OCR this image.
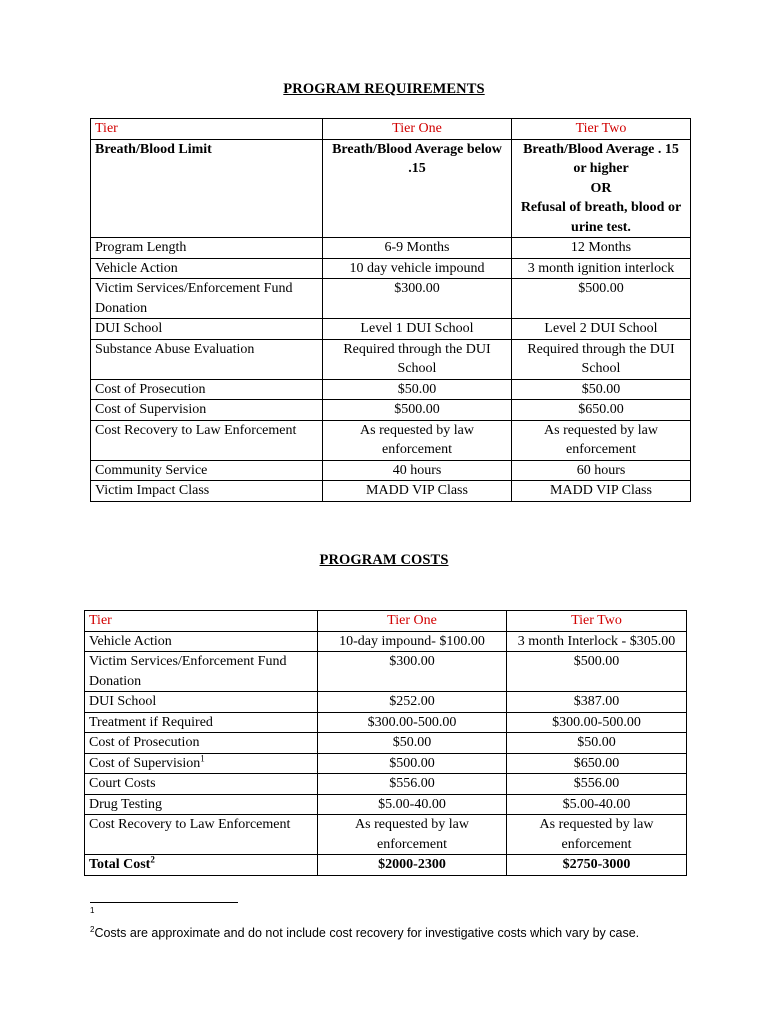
PROGRAM REQUIREMENTS
Tier	Tier One	Tier Two
Breath/Blood Limit	Breath/Blood Average below .15	Breath/Blood Average . 15 or higher
OR
Refusal of breath, blood or urine test.

Program Length	6-9 Months	12 Months
Vehicle Action	10 day vehicle impound	3 month ignition interlock
Victim Services/Enforcement Fund Donation	$300.00	$500.00
DUI School	Level 1 DUI School	Level 2 DUI School
Substance Abuse Evaluation	Required through the DUI School	Required through the DUI School
Cost of Prosecution	$50.00	$50.00
Cost of Supervision	$500.00	$650.00
Cost Recovery to Law Enforcement	As requested by law enforcement	As requested by law enforcement
Community Service	40 hours	60 hours
Victim Impact Class	MADD VIP Class	MADD VIP Class
PROGRAM COSTS
Tier	Tier One	Tier Two
Vehicle Action	10-day impound- $100.00	3 month Interlock - $305.00
Victim Services/Enforcement Fund Donation	$300.00	$500.00
DUI School	$252.00	$387.00
Treatment if Required	$300.00-500.00	$300.00-500.00
Cost of Prosecution	$50.00	$50.00
Cost of Supervision$^1$	$500.00	$650.00
Court Costs	$556.00	$556.00
Drug Testing	$5.00-40.00	$5.00-40.00
Cost Recovery to Law Enforcement	As requested by law enforcement	As requested by law enforcement
Total Cost$^2$	$2000-2300	$2750-3000
1
$^2$Costs are approximate and do not include cost recovery for investigative costs which vary by case.
